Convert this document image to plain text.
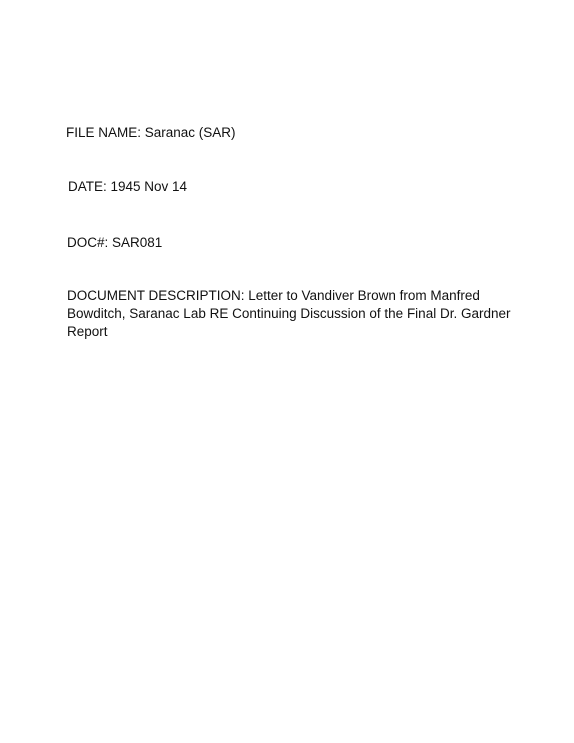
FILE NAME: Saranac (SAR)
DATE: 1945 Nov 14
DOC#: SAR081
DOCUMENT DESCRIPTION: Letter to Vandiver Brown from Manfred
Bowditch, Saranac Lab RE Continuing Discussion of the Final Dr. Gardner
Report
